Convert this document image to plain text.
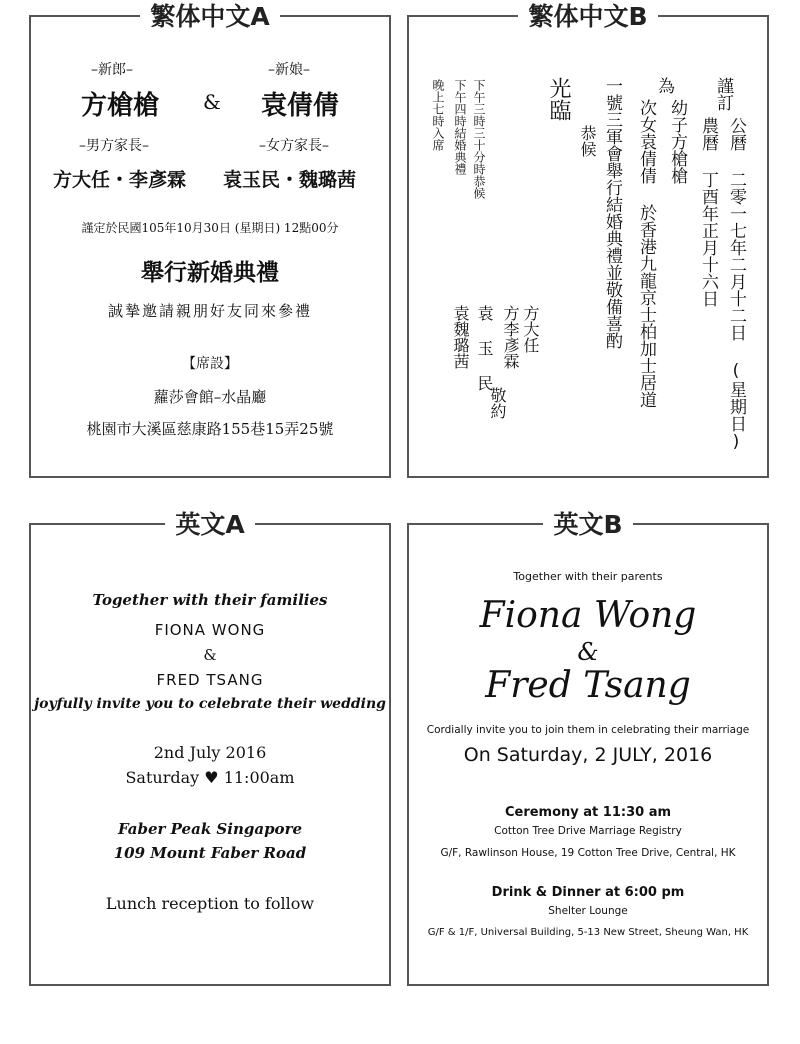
繁体中文A
–新郎–	–新娘–
方槍槍 & 袁倩倩
–男方家長–	–女方家長–
方大任・李彥霖 袁玉民・魏璐茜
謹定於民國105年10月30日 (星期日) 12點00分
舉行新婚典禮
誠摯邀請親朋好友同來參禮
【席設】
蘿莎會館–水晶廳
桃園市大溪區慈康路155巷15弄25號
繁体中文B
謹訂
公曆 二零一七年二月十二日 (星期日)
農曆 丁酉年正月十六日
為
幼子方槍槍
次女袁倩倩 於香港九龍京士柏加士居道
一號三軍會舉行結婚典禮並敬備喜酌
恭候
光臨
方大任
方李彥霖
袁 玉 民
敬約
袁魏璐茜
下午三時三十分時恭候
下午四時結婚典禮
晚上七時入席
英文A
Together with their families
FIONA WONG
&
FRED TSANG
joyfully invite you to celebrate their wedding
2nd July 2016
Saturday ♥ 11:00am
Faber Peak Singapore
109 Mount Faber Road
Lunch reception to follow
英文B
Together with their parents
Fiona Wong
&
Fred Tsang
Cordially invite you to join them in celebrating their marriage
On Saturday, 2 JULY, 2016
Ceremony at 11:30 am
Cotton Tree Drive Marriage Registry
G/F, Rawlinson House, 19 Cotton Tree Drive, Central, HK
Drink & Dinner at 6:00 pm
Shelter Lounge
G/F & 1/F, Universal Building, 5-13 New Street, Sheung Wan, HK
